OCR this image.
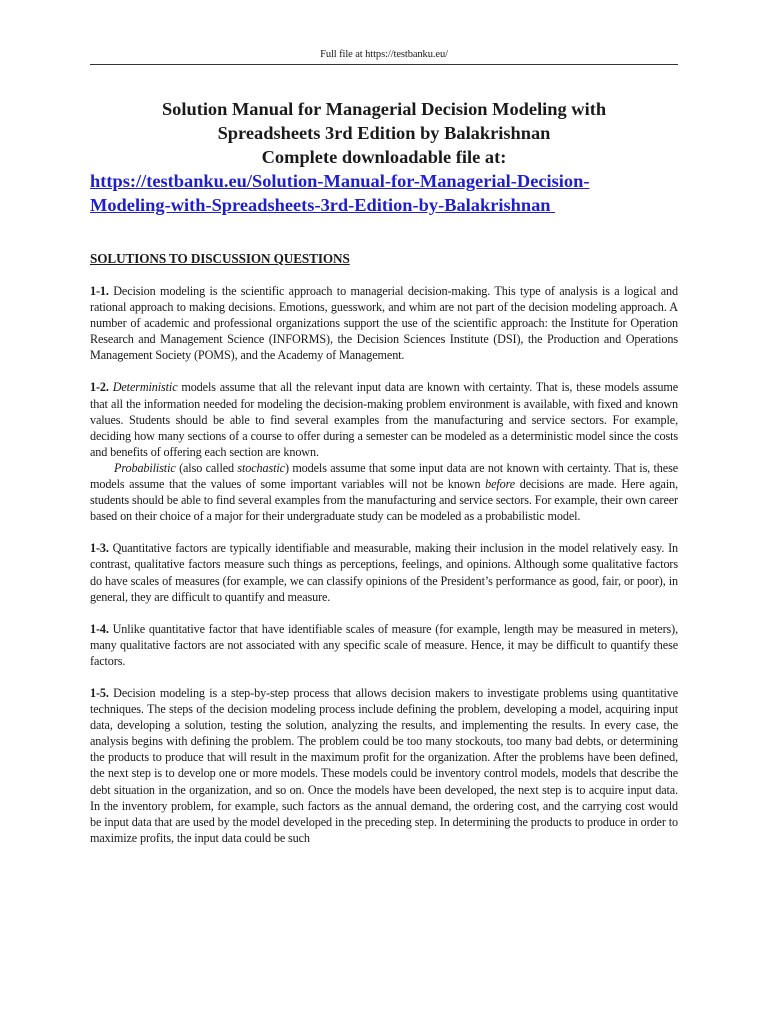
Full file at https://testbanku.eu/
Solution Manual for Managerial Decision Modeling with
Spreadsheets 3rd Edition by Balakrishnan
Complete downloadable file at:
https://testbanku.eu/Solution-Manual-for-Managerial-Decision-
Modeling-with-Spreadsheets-3rd-Edition-by-Balakrishnan
SOLUTIONS TO DISCUSSION QUESTIONS

1-1. Decision modeling is the scientific approach to managerial decision-making. This type of analysis is a logical and rational approach to making decisions. Emotions, guesswork, and whim are not part of the decision modeling approach. A number of academic and professional organizations support the use of the scientific approach: the Institute for Operation Research and Management Science (INFORMS), the Decision Sciences Institute (DSI), the Production and Operations Management Society (POMS), and the Academy of Management.

1-2. Deterministic models assume that all the relevant input data are known with certainty. That is, these models assume that all the information needed for modeling the decision-making problem environment is available, with fixed and known values. Students should be able to find several examples from the manufacturing and service sectors. For example, deciding how many sections of a course to offer during a semester can be modeled as a deterministic model since the costs and benefits of offering each section are known.

Probabilistic (also called stochastic) models assume that some input data are not known with certainty. That is, these models assume that the values of some important variables will not be known before decisions are made. Here again, students should be able to find several examples from the manufacturing and service sectors. For example, their own career based on their choice of a major for their undergraduate study can be modeled as a probabilistic model.

1-3. Quantitative factors are typically identifiable and measurable, making their inclusion in the model relatively easy. In contrast, qualitative factors measure such things as perceptions, feelings, and opinions. Although some qualitative factors do have scales of measures (for example, we can classify opinions of the President’s performance as good, fair, or poor), in general, they are difficult to quantify and measure.

1-4. Unlike quantitative factor that have identifiable scales of measure (for example, length may be measured in meters), many qualitative factors are not associated with any specific scale of measure. Hence, it may be difficult to quantify these factors.

1-5. Decision modeling is a step-by-step process that allows decision makers to investigate problems using quantitative techniques. The steps of the decision modeling process include defining the problem, developing a model, acquiring input data, developing a solution, testing the solution, analyzing the results, and implementing the results. In every case, the analysis begins with defining the problem. The problem could be too many stockouts, too many bad debts, or determining the products to produce that will result in the maximum profit for the organization. After the problems have been defined, the next step is to develop one or more models. These models could be inventory control models, models that describe the debt situation in the organization, and so on. Once the models have been developed, the next step is to acquire input data. In the inventory problem, for example, such factors as the annual demand, the ordering cost, and the carrying cost would be input data that are used by the model developed in the preceding step. In determining the products to produce in order to maximize profits, the input data could be such
